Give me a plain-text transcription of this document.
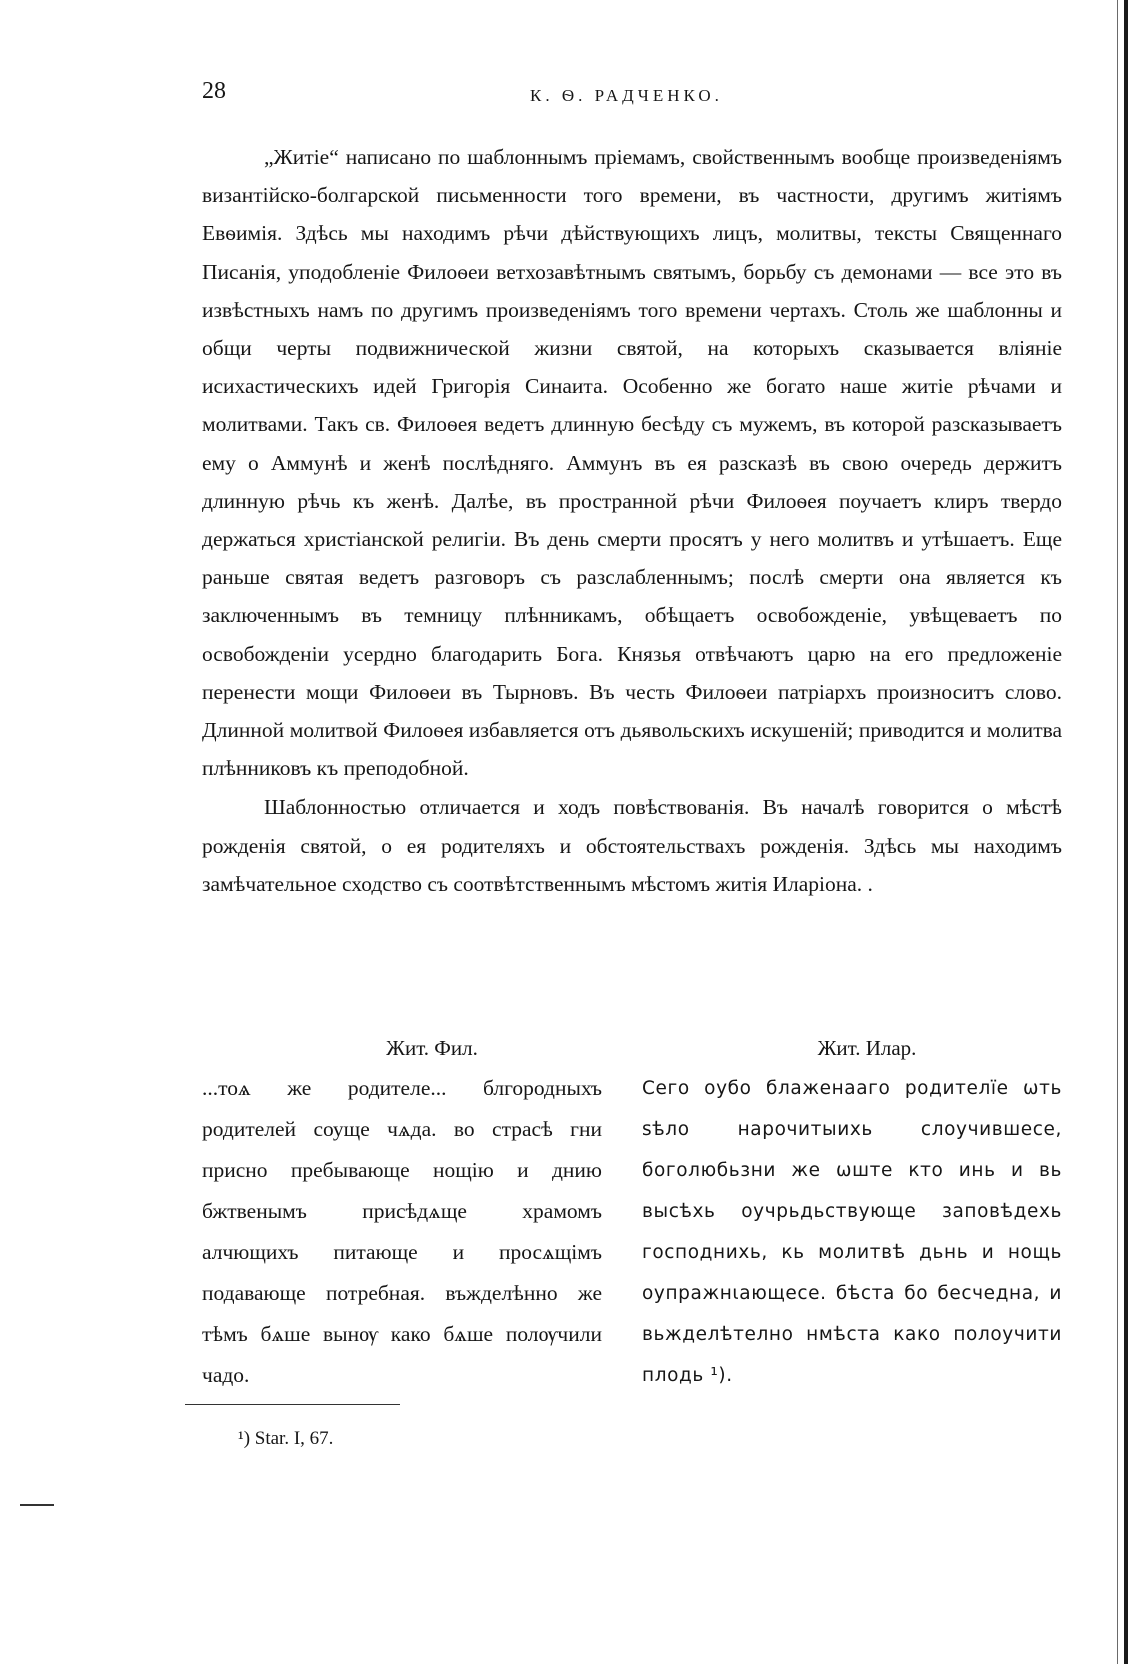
28	К. Ѳ. РАДЧЕНКО.

„Житіе“ написано по шаблоннымъ пріемамъ, свойственнымъ вообще произведеніямъ византійско-болгарской письменности того времени, въ частности, другимъ житіямъ Евѳимія. Здѣсь мы находимъ рѣчи дѣйствующихъ лицъ, молитвы, тексты Священнаго Писанія, уподобленіе Филоѳеи ветхозавѣтнымъ святымъ, борьбу съ демонами — все это въ извѣстныхъ намъ по другимъ произведеніямъ того времени чертахъ. Столь же шаблонны и общи черты подвижнической жизни святой, на которыхъ сказывается вліяніе исихастическихъ идей Григорія Синаита. Особенно же богато наше житіе рѣчами и молитвами. Такъ св. Филоѳея ведетъ длинную бесѣду съ мужемъ, въ которой разсказываетъ ему о Аммунѣ и женѣ послѣдняго. Аммунъ въ ея разсказѣ въ свою очередь держитъ длинную рѣчь къ женѣ. Далѣе, въ пространной рѣчи Филоѳея поучаетъ клиръ твердо держаться христіанской религіи. Въ день смерти просятъ у него молитвъ и утѣшаетъ. Еще раньше святая ведетъ разговоръ съ разслабленнымъ; послѣ смерти она является къ заключеннымъ въ темницу плѣнникамъ, обѣщаетъ освобожденіе, увѣщеваетъ по освобожденіи усердно благодарить Бога. Князья отвѣчаютъ царю на его предложеніе перенести мощи Филоѳеи въ Тырновъ. Въ честь Филоѳеи патріархъ произноситъ слово. Длинной молитвой Филоѳея избавляется отъ дьявольскихъ искушеній; приводится и молитва плѣнниковъ къ преподобной.

Шаблонностью отличается и ходъ повѣствованія. Въ началѣ говорится о мѣстѣ рожденія святой, о ея родителяхъ и обстоятельствахъ рожденія. Здѣсь мы находимъ замѣчательное сходство съ соотвѣтственнымъ мѣстомъ житія Иларіона. .

Жит. Фил.

...тоѧ же родителе... блгородныхъ родителей соуще чѧда. во страсѣ гни присно пребывающе нощію и днию бжтвенымъ присѣдѧще храмомъ алчющихъ питающе и просѧщімъ подавающе потребная. въжделѣнно же тѣмъ бѧше вынѹ како бѧше полѹчили чадо.

Жит. Илар.

Сего оубо блаженааго родителїе ѡть ѕѣло нарочитыихь слоучившесе, боголюбьзни же ѡште кто инь и вь высѣхь оучрьдьствующе заповѣдехь господнихь, кь молитвѣ дьнь и нощь оупражнιающесе. бѣста бо бесчедна, и вьжделѣтелно нмѣста како полоучити плодь ¹).

¹) Star. I, 67.
